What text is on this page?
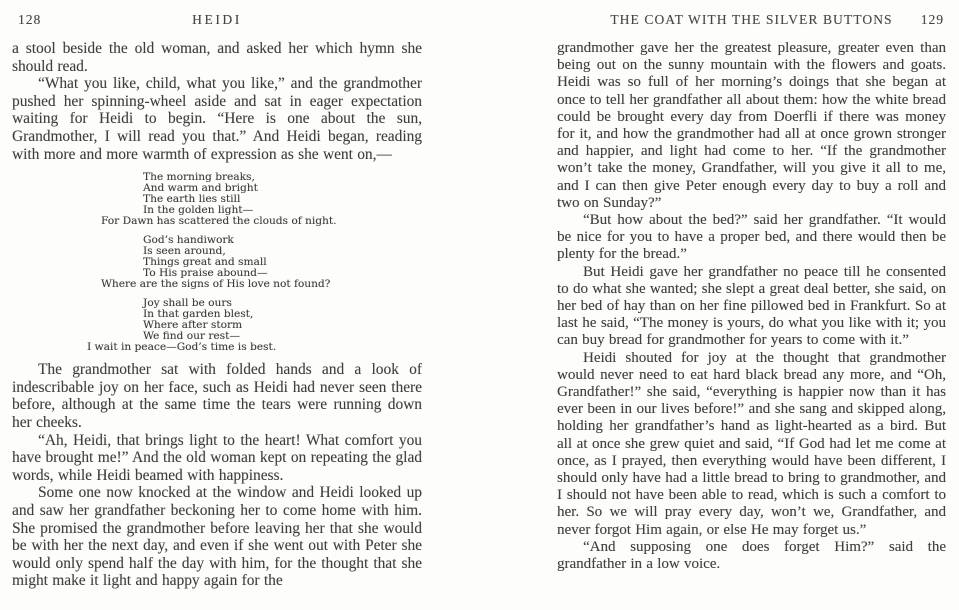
128	HEIDI

a stool beside the old woman, and asked her which hymn she should read.

“What you like, child, what you like,” and the grandmother pushed her spinning-wheel aside and sat in eager expectation waiting for Heidi to begin. “Here is one about the sun, Grandmother, I will read you that.” And Heidi began, reading with more and more warmth of expression as she went on,—

The morning breaks,
And warm and bright
The earth lies still
In the golden light—
For Dawn has scattered the clouds of night.
God’s handiwork
Is seen around,
Things great and small
To His praise abound—
Where are the signs of His love not found?
Joy shall be ours
In that garden blest,
Where after storm
We find our rest—
I wait in peace—God’s time is best.

The grandmother sat with folded hands and a look of indescribable joy on her face, such as Heidi had never seen there before, although at the same time the tears were running down her cheeks.

“Ah, Heidi, that brings light to the heart! What comfort you have brought me!” And the old woman kept on repeating the glad words, while Heidi beamed with happiness.

Some one now knocked at the window and Heidi looked up and saw her grandfather beckoning her to come home with him. She promised the grandmother before leaving her that she would be with her the next day, and even if she went out with Peter she would only spend half the day with him, for the thought that she might make it light and happy again for the

THE COAT WITH THE SILVER BUTTONS	129

grandmother gave her the greatest pleasure, greater even than being out on the sunny mountain with the flowers and goats. Heidi was so full of her morning’s doings that she began at once to tell her grandfather all about them: how the white bread could be brought every day from Doerfli if there was money for it, and how the grandmother had all at once grown stronger and happier, and light had come to her. “If the grandmother won’t take the money, Grandfather, will you give it all to me, and I can then give Peter enough every day to buy a roll and two on Sunday?”

“But how about the bed?” said her grandfather. “It would be nice for you to have a proper bed, and there would then be plenty for the bread.”

But Heidi gave her grandfather no peace till he consented to do what she wanted; she slept a great deal better, she said, on her bed of hay than on her fine pillowed bed in Frankfurt. So at last he said, “The money is yours, do what you like with it; you can buy bread for grandmother for years to come with it.”

Heidi shouted for joy at the thought that grandmother would never need to eat hard black bread any more, and “Oh, Grandfather!” she said, “everything is happier now than it has ever been in our lives before!” and she sang and skipped along, holding her grandfather’s hand as light-hearted as a bird. But all at once she grew quiet and said, “If God had let me come at once, as I prayed, then everything would have been different, I should only have had a little bread to bring to grandmother, and I should not have been able to read, which is such a comfort to her. So we will pray every day, won’t we, Grandfather, and never forgot Him again, or else He may forget us.”

“And supposing one does forget Him?” said the grandfather in a low voice.
